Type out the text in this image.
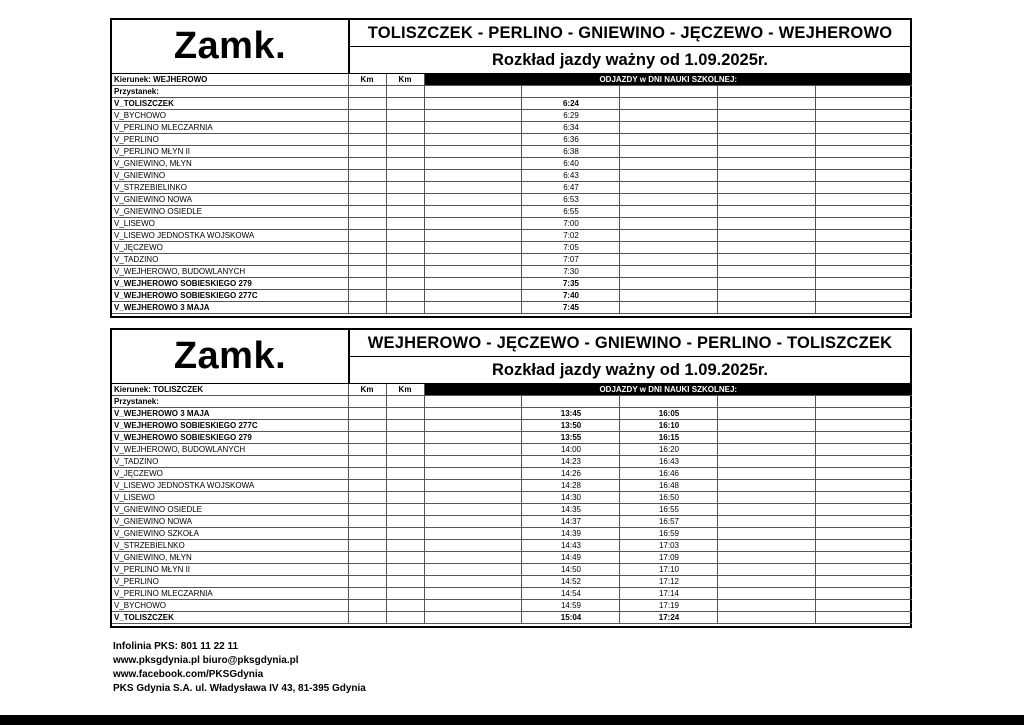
Zamk.	TOLISZCZEK - PERLINO - GNIEWINO - JĘCZEWO - WEJHEROWO
Rozkład jazdy ważny od 1.09.2025r.
Kierunek: WEJHEROWO	Km	Km	ODJAZDY w DNI NAUKI SZKOLNEJ:				
Przystanek:							
V_TOLISZCZEK				6:24			
V_BYCHOWO				6:29			
V_PERLINO MLECZARNIA				6:34			
V_PERLINO				6:36			
V_PERLINO MŁYN II				6:38			
V_GNIEWINO, MŁYN				6:40			
V_GNIEWINO				6:43			
V_STRZEBIELINKO				6:47			
V_GNIEWINO NOWA				6:53			
V_GNIEWINO OSIEDLE				6:55			
V_LISEWO				7:00			
V_LISEWO JEDNOSTKA WOJSKOWA				7:02			
V_JĘCZEWO				7:05			
V_TADZINO				7:07			
V_WEJHEROWO, BUDOWLANYCH				7:30			
V_WEJHEROWO SOBIESKIEGO 279				7:35			
V_WEJHEROWO SOBIESKIEGO 277C				7:40			
V_WEJHEROWO 3 MAJA				7:45			
Zamk.	WEJHEROWO - JĘCZEWO - GNIEWINO - PERLINO - TOLISZCZEK
Rozkład jazdy ważny od 1.09.2025r.
Kierunek: TOLISZCZEK	Km	Km	ODJAZDY w DNI NAUKI SZKOLNEJ:				
Przystanek:							
V_WEJHEROWO 3 MAJA				13:45	16:05		
V_WEJHEROWO SOBIESKIEGO 277C				13:50	16:10		
V_WEJHEROWO SOBIESKIEGO 279				13:55	16:15		
V_WEJHEROWO, BUDOWLANYCH				14:00	16:20		
V_TADZINO				14:23	16:43		
V_JĘCZEWO				14:26	16:46		
V_LISEWO JEDNOSTKA WOJSKOWA				14:28	16:48		
V_LISEWO				14:30	16:50		
V_GNIEWINO OSIEDLE				14:35	16:55		
V_GNIEWINO NOWA				14:37	16:57		
V_GNIEWINO SZKOŁA				14:39	16:59		
V_STRZEBIELNKO				14:43	17:03		
V_GNIEWINO, MŁYN				14:49	17:09		
V_PERLINO MŁYN II				14:50	17:10		
V_PERLINO				14:52	17:12		
V_PERLINO MLECZARNIA				14:54	17:14		
V_BYCHOWO				14:59	17:19		
V_TOLISZCZEK				15:04	17:24		
Infolinia PKS: 801 11 22 11
www.pksgdynia.pl biuro@pksgdynia.pl
www.facebook.com/PKSGdynia
PKS Gdynia S.A. ul. Władysława IV 43, 81-395 Gdynia
